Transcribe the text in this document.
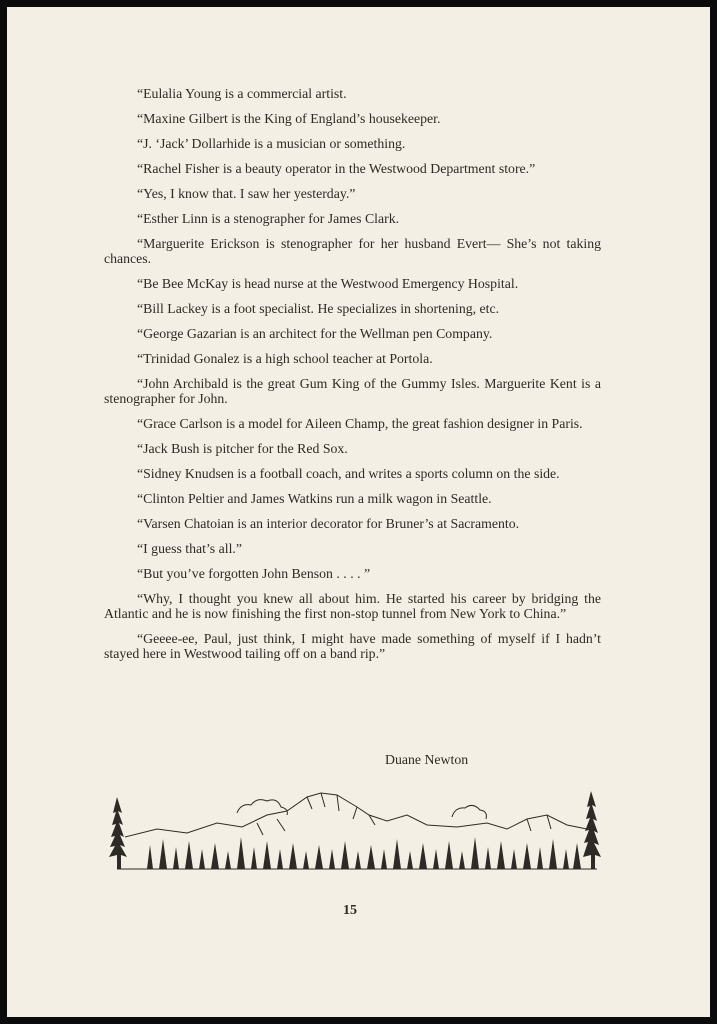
“Eulalia Young is a commercial artist.

“Maxine Gilbert is the King of England’s housekeeper.

“J. ‘Jack’ Dollarhide is a musician or something.

“Rachel Fisher is a beauty operator in the Westwood Department store.”

“Yes, I know that. I saw her yesterday.”

“Esther Linn is a stenographer for James Clark.

“Marguerite Erickson is stenographer for her husband Evert— She’s not taking chances.

“Be Bee McKay is head nurse at the Westwood Emergency Hospital.

“Bill Lackey is a foot specialist. He specializes in shortening, etc.

“George Gazarian is an architect for the Wellman pen Company.

“Trinidad Gonalez is a high school teacher at Portola.

“John Archibald is the great Gum King of the Gummy Isles. Marguerite Kent is a stenographer for John.

“Grace Carlson is a model for Aileen Champ, the great fashion designer in Paris.

“Jack Bush is pitcher for the Red Sox.

“Sidney Knudsen is a football coach, and writes a sports column on the side.

“Clinton Peltier and James Watkins run a milk wagon in Seattle.

“Varsen Chatoian is an interior decorator for Bruner’s at Sacramento.

“I guess that’s all.”

“But you’ve forgotten John Benson . . . . ”

“Why, I thought you knew all about him. He started his career by bridging the Atlantic and he is now finishing the first non-stop tunnel from New York to China.”

“Geeee-ee, Paul, just think, I might have made something of myself if I hadn’t stayed here in Westwood tailing off on a band rip.”

Duane Newton
15
